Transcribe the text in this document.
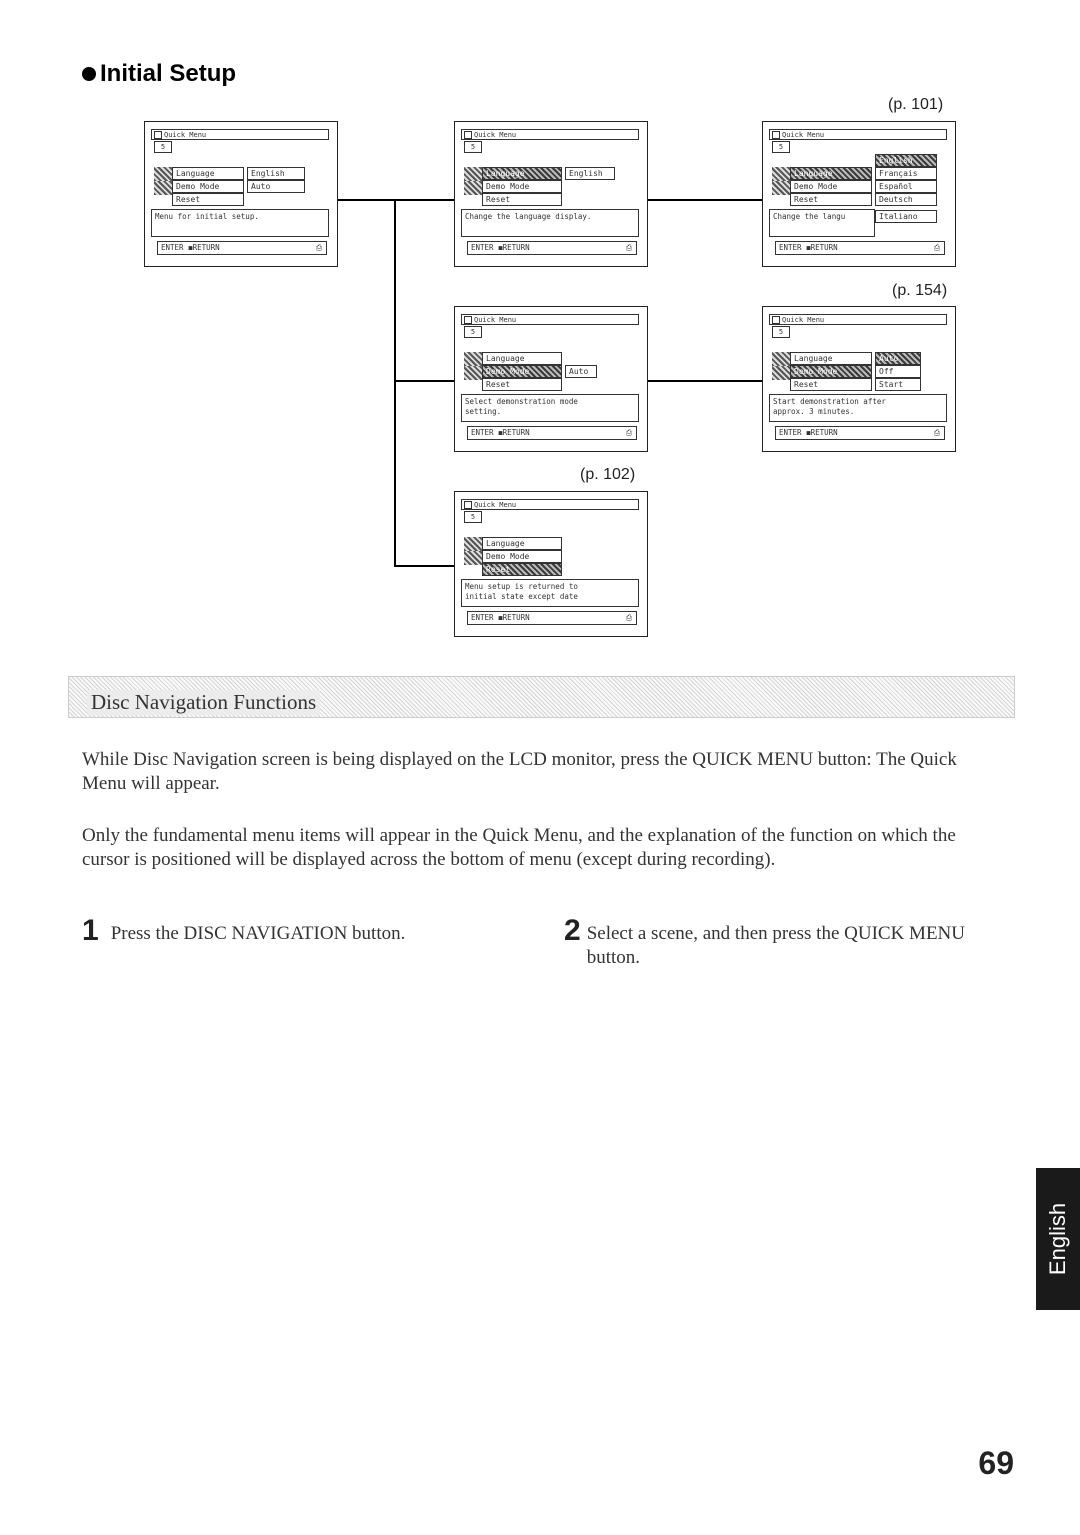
Initial Setup
(p. 101)
(p. 154)
(p. 102)
Quick Menu
5
Language
Demo Mode
Reset
English
Auto
Menu for initial setup.
ENTER ◼RETURN	⎙
Quick Menu
5
Language
Demo Mode
Reset
English
Change the language display.
ENTER ◼RETURN	⎙
Quick Menu
5
Language
Demo Mode
Reset
English
Français
Español
Deutsch
Italiano
Change the langu
ENTER ◼RETURN	⎙
Quick Menu
5
Language
Demo Mode
Reset
Auto
Select demonstration mode
setting.
ENTER ◼RETURN	⎙
Quick Menu
5
Language
Demo Mode
Reset
Auto
Off
Start
Start demonstration after
approx. 3 minutes.
ENTER ◼RETURN	⎙
Quick Menu
5
Language
Demo Mode
Reset
Menu setup is returned to
initial state except date
ENTER ◼RETURN	⎙
Disc Navigation Functions
While Disc Navigation screen is being displayed on the LCD monitor, press the QUICK MENU button: The Quick Menu will appear.
Only the fundamental menu items will appear in the Quick Menu, and the explanation of the function on which the cursor is positioned will be displayed across the bottom of menu (except during recording).
1 Press the DISC NAVIGATION button.	2 Select a scene, and then press the QUICK MENU button.
English
69
